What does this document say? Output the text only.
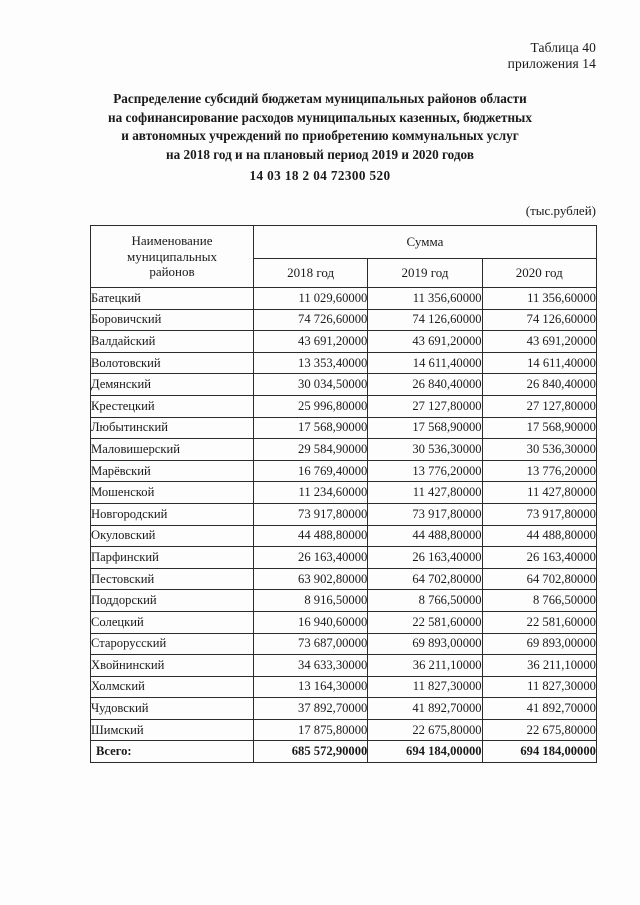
Таблица 40
приложения 14
Распределение субсидий бюджетам муниципальных районов области
на софинансирование расходов муниципальных казенных, бюджетных
и автономных учреждений по приобретению коммунальных услуг
на 2018 год и на плановый период 2019 и 2020 годов
14 03 18 2 04 72300 520
(тыс.рублей)
Наименование
муниципальных
районов	Сумма		
	2018 год	2019 год	2020 год
Батецкий	11 029,60000	11 356,60000	11 356,60000
Боровичский	74 726,60000	74 126,60000	74 126,60000
Валдайский	43 691,20000	43 691,20000	43 691,20000
Волотовский	13 353,40000	14 611,40000	14 611,40000
Демянский	30 034,50000	26 840,40000	26 840,40000
Крестецкий	25 996,80000	27 127,80000	27 127,80000
Любытинский	17 568,90000	17 568,90000	17 568,90000
Маловишерский	29 584,90000	30 536,30000	30 536,30000
Марёвский	16 769,40000	13 776,20000	13 776,20000
Мошенской	11 234,60000	11 427,80000	11 427,80000
Новгородский	73 917,80000	73 917,80000	73 917,80000
Окуловский	44 488,80000	44 488,80000	44 488,80000
Парфинский	26 163,40000	26 163,40000	26 163,40000
Пестовский	63 902,80000	64 702,80000	64 702,80000
Поддорский	8 916,50000	8 766,50000	8 766,50000
Солецкий	16 940,60000	22 581,60000	22 581,60000
Старорусский	73 687,00000	69 893,00000	69 893,00000
Хвойнинский	34 633,30000	36 211,10000	36 211,10000
Холмский	13 164,30000	11 827,30000	11 827,30000
Чудовский	37 892,70000	41 892,70000	41 892,70000
Шимский	17 875,80000	22 675,80000	22 675,80000
Всего:	685 572,90000	694 184,00000	694 184,00000
